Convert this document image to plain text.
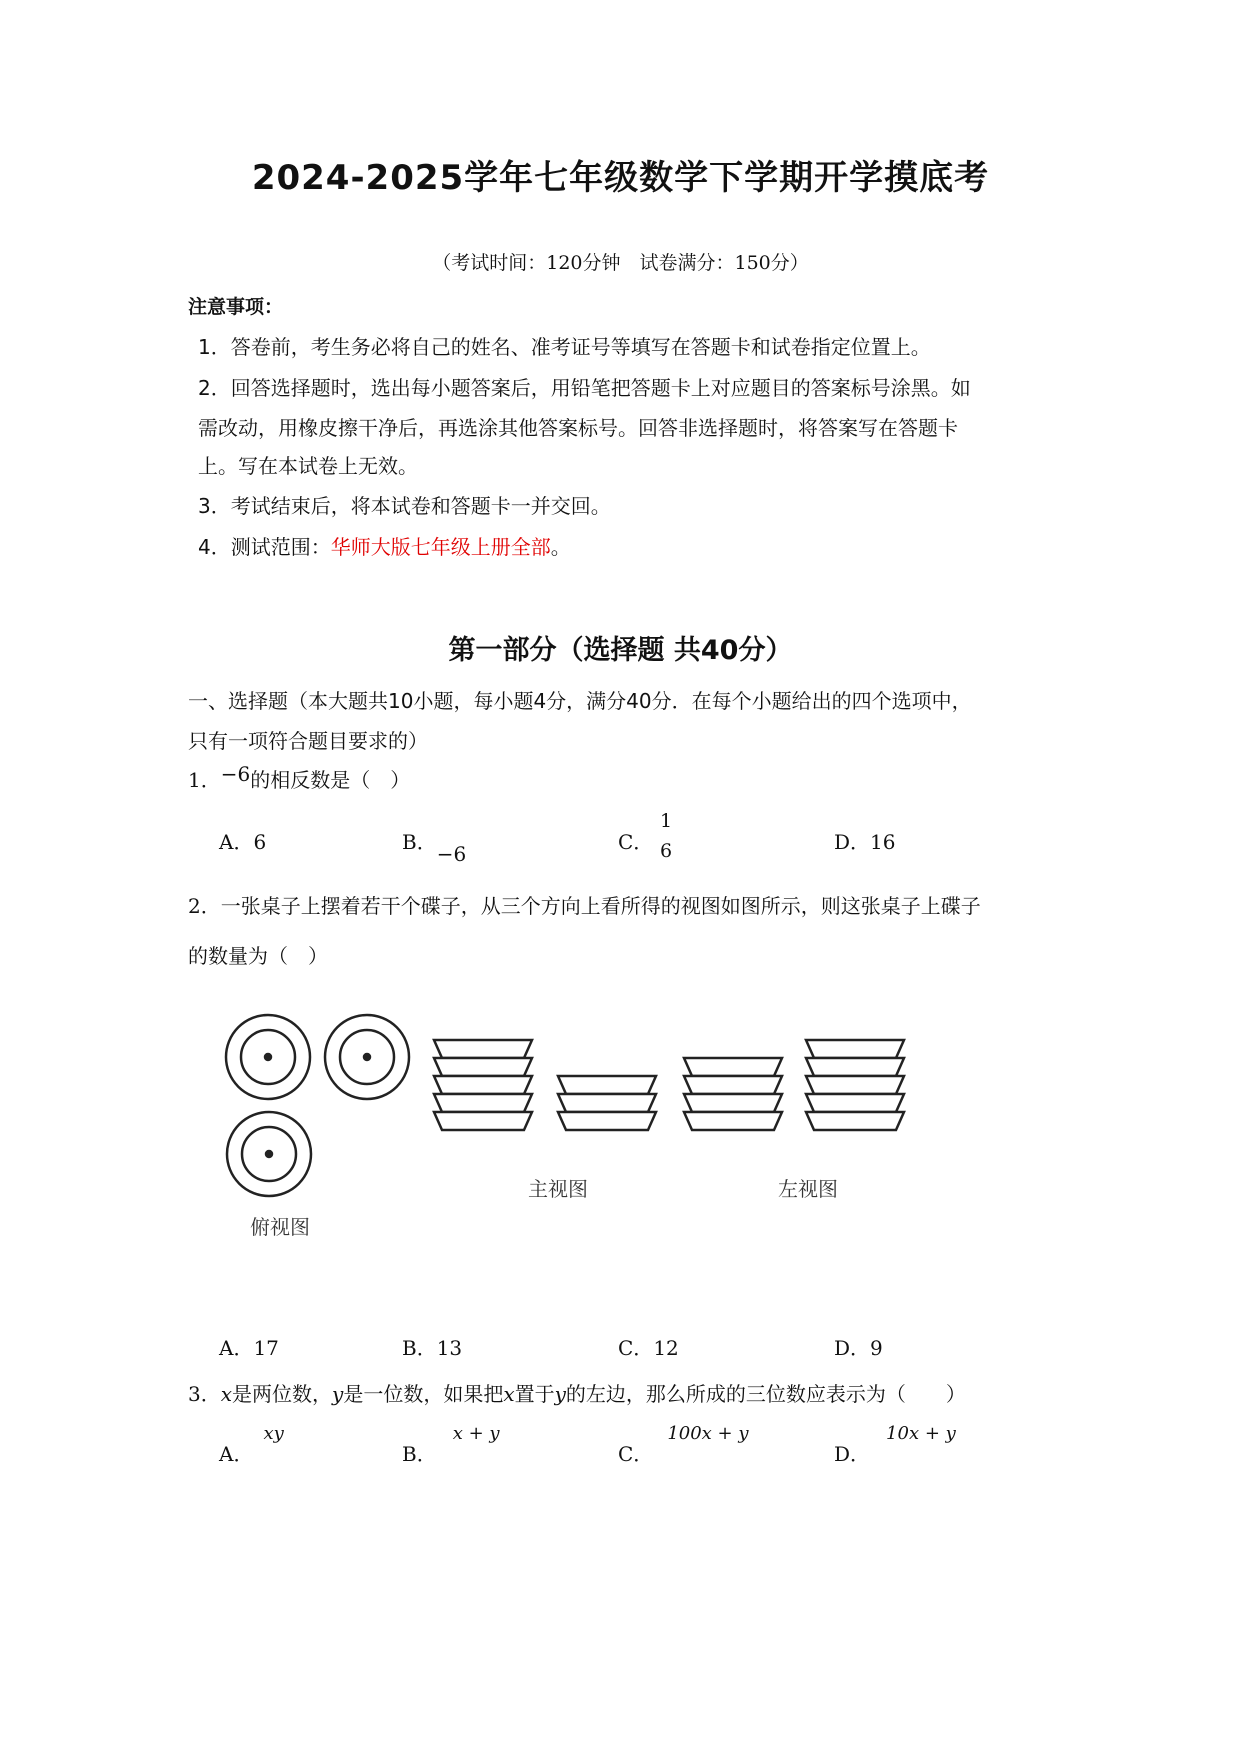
2024-2025学年七年级数学下学期开学摸底考
（考试时间：120分钟　试卷满分：150分）
注意事项：
1．答卷前，考生务必将自己的姓名、准考证号等填写在答题卡和试卷指定位置上。
2．回答选择题时，选出每小题答案后，用铅笔把答题卡上对应题目的答案标号涂黑。如
需改动，用橡皮擦干净后，再选涂其他答案标号。回答非选择题时，将答案写在答题卡
上。写在本试卷上无效。
3．考试结束后，将本试卷和答题卡一并交回。
4．测试范围：华师大版七年级上册全部。
第一部分（选择题 共40分）
一、选择题（本大题共10小题，每小题4分，满分40分．在每个小题给出的四个选项中，
只有一项符合题目要求的）
1．−6的相反数是（　）
A．6	B．−6	C．
1
6	D．16
2．一张桌子上摆着若干个碟子，从三个方向上看所得的视图如图所示，则这张桌子上碟子
的数量为（　）
俯视图
主视图	左视图
A．17	B．13	C．12	D．9
3．x是两位数，y是一位数，如果把x置于y的左边，那么所成的三位数应表示为（　　）
A．xy
B．x + y
C．100x + y
D．10x + y
